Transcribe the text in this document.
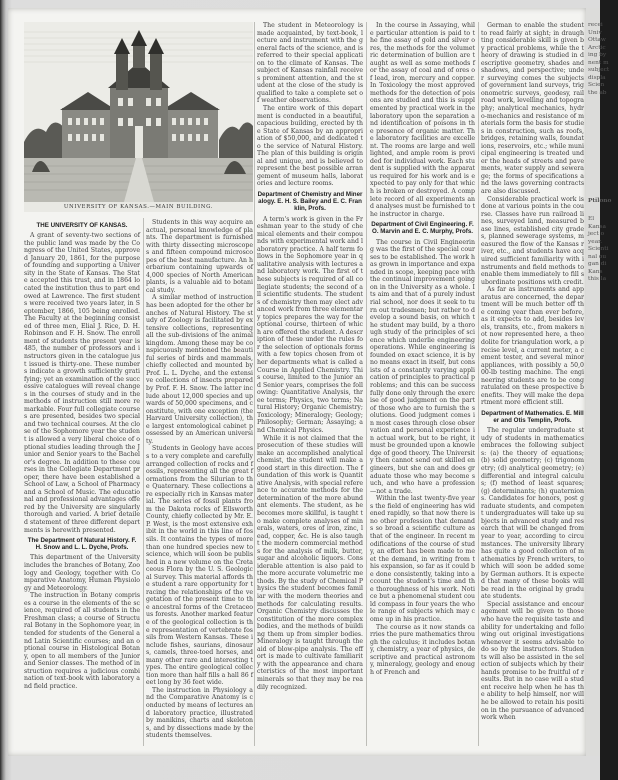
UNIVERSITY OF KANSAS.—MAIN BUILDING.
THE UNIVERSITY OF KANSAS.

A grant of seventy-two sections of the public land was made by the Congress of the United States, approved January 20, 1861, for the purpose of founding and supporting a University in the State of Kansas. The State accepted this trust, and in 1864 located the institution thus to part endowed at Lawrence. The first students were received two years later, in September, 1866, 105 being enrolled. The Faculty at the beginning consisted of three men, Elial J. Rice, D. H. Robinson and F. H. Snow. The enrollment of students the present year is 485, the number of professors and instructors given in the catalogue just issued is thirty-one. These numbers indicate a growth sufficiently gratifying; yet an examination of the successive catalogues will reveal changes in the courses of study and in the methods of instruction still more remarkable. Four full collegiate courses are presented, besides two special and two technical courses. At the close of the Sophomore year the student is allowed a very liberal choice of optional studies leading through the Junior and Senior years to the Bachelor's degree. In addition to these courses in the Collegiate Department proper, there have been established a School of Law, a School of Pharmacy and a School of Music. The educational and professional advantages offered by the University are singularly thorough and varied. A brief detailed statement of three different departments is herewith presented.

The Department of Natural History. F. H. Snow and L. L. Dyche, Profs.

This department of the University includes the branches of Botany, Zoology and Geology, together with Comparative Anatomy, Human Physiology and Meteorology.

The instruction in Botany comprises a course in the elements of the science, required of all students in the Freshman class; a course of Structural Botany in the Sophomore year, intended for students of the General and Latin Scientific courses; and an optional course in Histological Botany, open to all members of the Junior and Senior classes. The method of instruction requires a judicious combination of text-book with laboratory and field practice.

Students in this way acquire an actual, personal knowledge of plants. The department is furnished with thirty dissecting microscopes and fifteen compound microscopes of the best manufacture. An herbarium containing upwards of 4,000 species of North American plants, is a valuable aid to botanical study.

A similar method of instruction has been adopted for the other branches of Natural History. The study of Zoology is facilitated by extensive collections, representing all the sub-divisions of the animal kingdom. Among these may be conspicuously mentioned the beautiful series of birds and mammals, chiefly collected and mounted by Prof. L. L. Dyche, and the extensive collections of insects prepared by Prof. F. H. Snow. The latter include about 12,000 species and upwards of 50,000 specimens, and constitute, with one exception (the Harvard University collection), the largest entomological cabinet possessed by an American university.

Students in Geology have access to a very complete and carefully arranged collection of rocks and fossils, representing all the great formations from the Silurian to the Quaternary. These collections are especially rich in Kansas material. The series of fossil plants from the Dakota rocks of Ellsworth County, chiefly collected by Mr. E. P. West, is the most extensive exhibit in the world in this line of fossils. It contains the types of more than one hundred species new to science, which will soon be published in a new volume on the Cretaceous Flora by the U. S. Geological Survey. This material affords the student a rare opportunity for tracing the relationships of the vegetation of the present time to the ancestral forms of the Cretaceous forests. Another marked feature of the geological collection is the representation of vertebrate fossils from Western Kansas. These include fishes, saurians, dinosaurs, camels, three-toed horses, and many other rare and interesting types. The entire geological collection more than half fills a hall 86 feet long by 36 feet wide.

The instruction in Physiology and the Comparative Anatomy is conducted by means of lectures and laboratory practice, illustrated by manikins, charts and skeletons, and by dissections made by the students themselves.

The student in Meteorology is made acquainted, by text-book, lecture and instrument with the general facts of the science, and is referred to their special application to the climate of Kansas. The subject of Kansas rainfall receives prominent attention, and the student at the close of the study is qualified to take a complete set of weather observations.

The entire work of this department is conducted in a beautiful, capacious building, erected by the State of Kansas by an appropriation of $50,000, and dedicated to the service of Natural History. The plan of this building is original and unique, and is believed to represent the best possible arrangement of museum halls, laboratories and lecture rooms.

Department of Chemistry and Mineralogy. E. H. S. Bailey and E. C. Franklin, Profs.

A term's work is given in the Freshman year to the study of chemical elements and their compounds with experimental work and laboratory practice. A half term follows in the Sophomore year in qualitative analysis with lectures and laboratory work. The first of these subjects is required of all collegiate students; the second of all scientific students. The students of chemistry then may elect advanced work from three elementary topics prepares the way for the optional course, thirteen of which are offered the student. A description of these under the rules for the selection of optionals forms with a few topics chosen from other departments what is called a Course in Applied Chemistry. This course, limited to the Junior and Senior years, comprises the following: Quantitative Analysis, three terms; Physics, two terms; Natural History; Organic Chemistry; Toxicology; Mineralogy; Geology; Philosophy; German; Assaying; and Chemical Physics.

While it is not claimed that the prosecution of these studies will make an accomplished analytical chemist, the student will make a good start in this direction. The foundation of this work is Quantitative Analysis, with special reference to accurate methods for the determination of the more abundant elements. The student, as he becomes more skillful, is taught to make complete analyses of minerals, waters, ores of iron, zinc, lead, copper, &c. He is also taught the modern commercial methods for the analysis of milk, butter, sugar and alcoholic liquors. Considerable attention is also paid to the more accurate volumetric methods. By the study of Chemical Physics the student becomes familiar with the modern theories and methods for calculating results. Organic Chemistry discusses the constitution of the more complex bodies, and the methods of building them up from simpler bodies. Mineralogy is taught through the aid of blow-pipe analysis. The effort is made to cultivate familiarity with the appearance and characteristics of the most important minerals so that they may be readily recognized.

In the course in Assaying, while particular attention is paid to the fine assay of gold and silver ores, the methods for the volumetric determination of bullion are taught as well as some methods for the assay of coal and of ores of lead, iron, mercury and copper. In Toxicology the most approved methods for the detection of poisons are studied and this is supplemented by practical work in the laboratory upon the separation and identification of poisons in the presence of organic matter. The laboratory facilities are excellent. The rooms are large and well lighted, and ample room is provided for individual work. Each student is supplied with the apparatus required for his work and is expected to pay only for that which is broken or destroyed. A complete record of all experiments and analyses must be furnished to the instructor in charge.

Department of Civil Engineering. F. O. Marvin and E. C. Murphy, Profs.

The course in Civil Engineering was the first of the special courses to be established. The work has grown in importance and expanded in scope, keeping pace with the continual improvement going on in the University as a whole. Its aim and that of a purely industrial school, nor does it seek to turn out tradesmen; but rather to develop a sound basis, on which the student may build, by a thorough study of the principles of science which underlie engineering operations. While engineering is founded on exact science, it is by no means exact in itself, but consists of a constantly varying application of principles to practical problems; and this can be successfully done only through the exercise of good judgment on the part of those who are to furnish the solutions. Good judgment comes in most cases through close observation and personal experience in actual work, but to be right, it must be grounded upon a knowledge of good theory. The University then cannot send out skilled engineers, but she can and does graduate those who may become such, and who have a profession—not a trade.

Within the last twenty-five years the field of engineering has widened rapidly, so that now there is no other profession that demands so broad a scientific culture as that of the engineer. In recent modifications of the course of study, an effort has been made to meet the demand, in writing from this expansion, so far as it could be done consistently, taking into account the student's time and the thoroughness of his work. Notice but a phenomenal student could compass in four years the whole range of subjects which may come up in his practice.

The course as it now stands carries the pure mathematics through the calculus; it includes botany, chemistry, a year of physics, descriptive and practical astronomy, mineralogy, geology and enough of French and

German to enable the student to read fairly at sight; in draughting considerable skill is given by practical problems, while the theory of drawing is studied in descriptive geometry, shades and shadows, and perspective; under surveying comes the subjects of government land surveys, trigonometric surveys, geodesy, railroad work, levelling and topography; analytical mechanics, hydro-mechanics and resistance of materials form the basis for studies in construction, such as roofs, bridges, retaining walls, foundations, reservoirs, etc.; while municipal engineering is treated under the heads of streets and pavements, water supply and sewerage; the forms of specifications and the laws governing contracts are also discussed.

Considerable practical work is done at various points in the course. Classes have run railroad lines, surveyed land, measured base lines, established city grades, planned sewerage systems, measured the flow of the Kansas river, etc., and students have acquired sufficient familiarity with instruments and field methods to enable them immediately to fill subordinate positions with credit.

As far as instruments and apparatus are concerned, the department will be much better off the coming year than ever before, as it expects to add, besides levels, transits, etc., from makers not now represented here, a theodolite for triangulation work, a precise level, a current meter, a cement tester, and several minor appliances, with possibly a 50,000-lb testing machine. The engineering students are to be congratulated on these prospective benefits. They will make the department more efficient still.

Department of Mathematics. E. Miller and Otis Templin, Profs.

The regular undergraduate study of students in mathematics embraces the following subjects: (a) the theory of equations; (b) solid geometry; (c) trigonometry; (d) analytical geometry; (e) differential and integral calculus; (f) method of least squares; (g) determinants; (h) quaternions. Candidates for honors, post graduate students, and competent undergraduates will take up subjects in advanced study and research that will be changed from year to year, according to circumstances. The university library has quite a good collection of mathematics by French writers, to which will soon be added some by German authors. It is expected that many of these books will be read in the original by graduate students.

Special assistance and encouragement will be given to those who have the requisite taste and ability for undertaking and following out original investigations whenever it seems advisable to do so by the instructors. Students will also be assisted in the selection of subjects which by their hands promise to be fruitful of results. But in no case will a student receive help when he has the ability to help himself, nor will he be allowed to retain his position in the pursuance of advanced work when

recei
Univ
Ottaw
Arctic
ing by
nent m
subject
displa
Scien
the ab
Ptilono
El
Kansa
ject o
year.
Scienti
nal ou
gan di
Kans
this la
